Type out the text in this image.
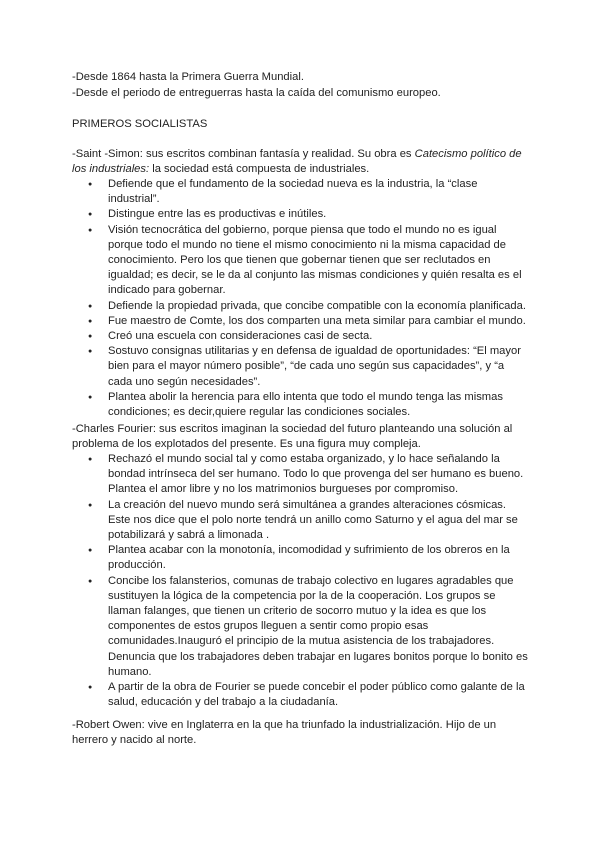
-Desde 1864 hasta la Primera Guerra Mundial.

-Desde el periodo de entreguerras hasta la caída del comunismo europeo.

PRIMEROS SOCIALISTAS

-Saint -Simon: sus escritos combinan fantasía y realidad. Su obra es Catecismo político de los industriales: la sociedad está compuesta de industriales.

● Defiende que el fundamento de la sociedad nueva es la industria, la “clase industrial”.
● Distingue entre las es productivas e inútiles.
● Visión tecnocrática del gobierno, porque piensa que todo el mundo no es igual porque todo el mundo no tiene el mismo conocimiento ni la misma capacidad de conocimiento. Pero los que tienen que gobernar tienen que ser reclutados en igualdad; es decir, se le da al conjunto las mismas condiciones y quién resalta es el indicado para gobernar.
● Defiende la propiedad privada, que concibe compatible con la economía planificada.
● Fue maestro de Comte, los dos comparten una meta similar para cambiar el mundo.
● Creó una escuela con consideraciones casi de secta.
● Sostuvo consignas utilitarias y en defensa de igualdad de oportunidades: “El mayor bien para el mayor número posible”, “de cada uno según sus capacidades”, y “a cada uno según necesidades”.
● Plantea abolir la herencia para ello intenta que todo el mundo tenga las mismas condiciones; es decir,quiere regular las condiciones sociales.

-Charles Fourier: sus escritos imaginan la sociedad del futuro planteando una solución al problema de los explotados del presente. Es una figura muy compleja.

● Rechazó el mundo social tal y como estaba organizado, y lo hace señalando la bondad intrínseca del ser humano. Todo lo que provenga del ser humano es bueno. Plantea el amor libre y no los matrimonios burgueses por compromiso.
● La creación del nuevo mundo será simultánea a grandes alteraciones cósmicas. Este nos dice que el polo norte tendrá un anillo como Saturno y el agua del mar se potabilizará y sabrá a limonada .
● Plantea acabar con la monotonía, incomodidad y sufrimiento de los obreros en la producción.
● Concibe los falansterios, comunas de trabajo colectivo en lugares agradables que sustituyen la lógica de la competencia por la de la cooperación. Los grupos se llaman falanges, que tienen un criterio de socorro mutuo y la idea es que los componentes de estos grupos lleguen a sentir como propio esas comunidades.Inauguró el principio de la mutua asistencia de los trabajadores. Denuncia que los trabajadores deben trabajar en lugares bonitos porque lo bonito es humano.
● A partir de la obra de Fourier se puede concebir el poder público como galante de la salud, educación y del trabajo a la ciudadanía.

-Robert Owen: vive en Inglaterra en la que ha triunfado la industrialización. Hijo de un herrero y nacido al norte.
